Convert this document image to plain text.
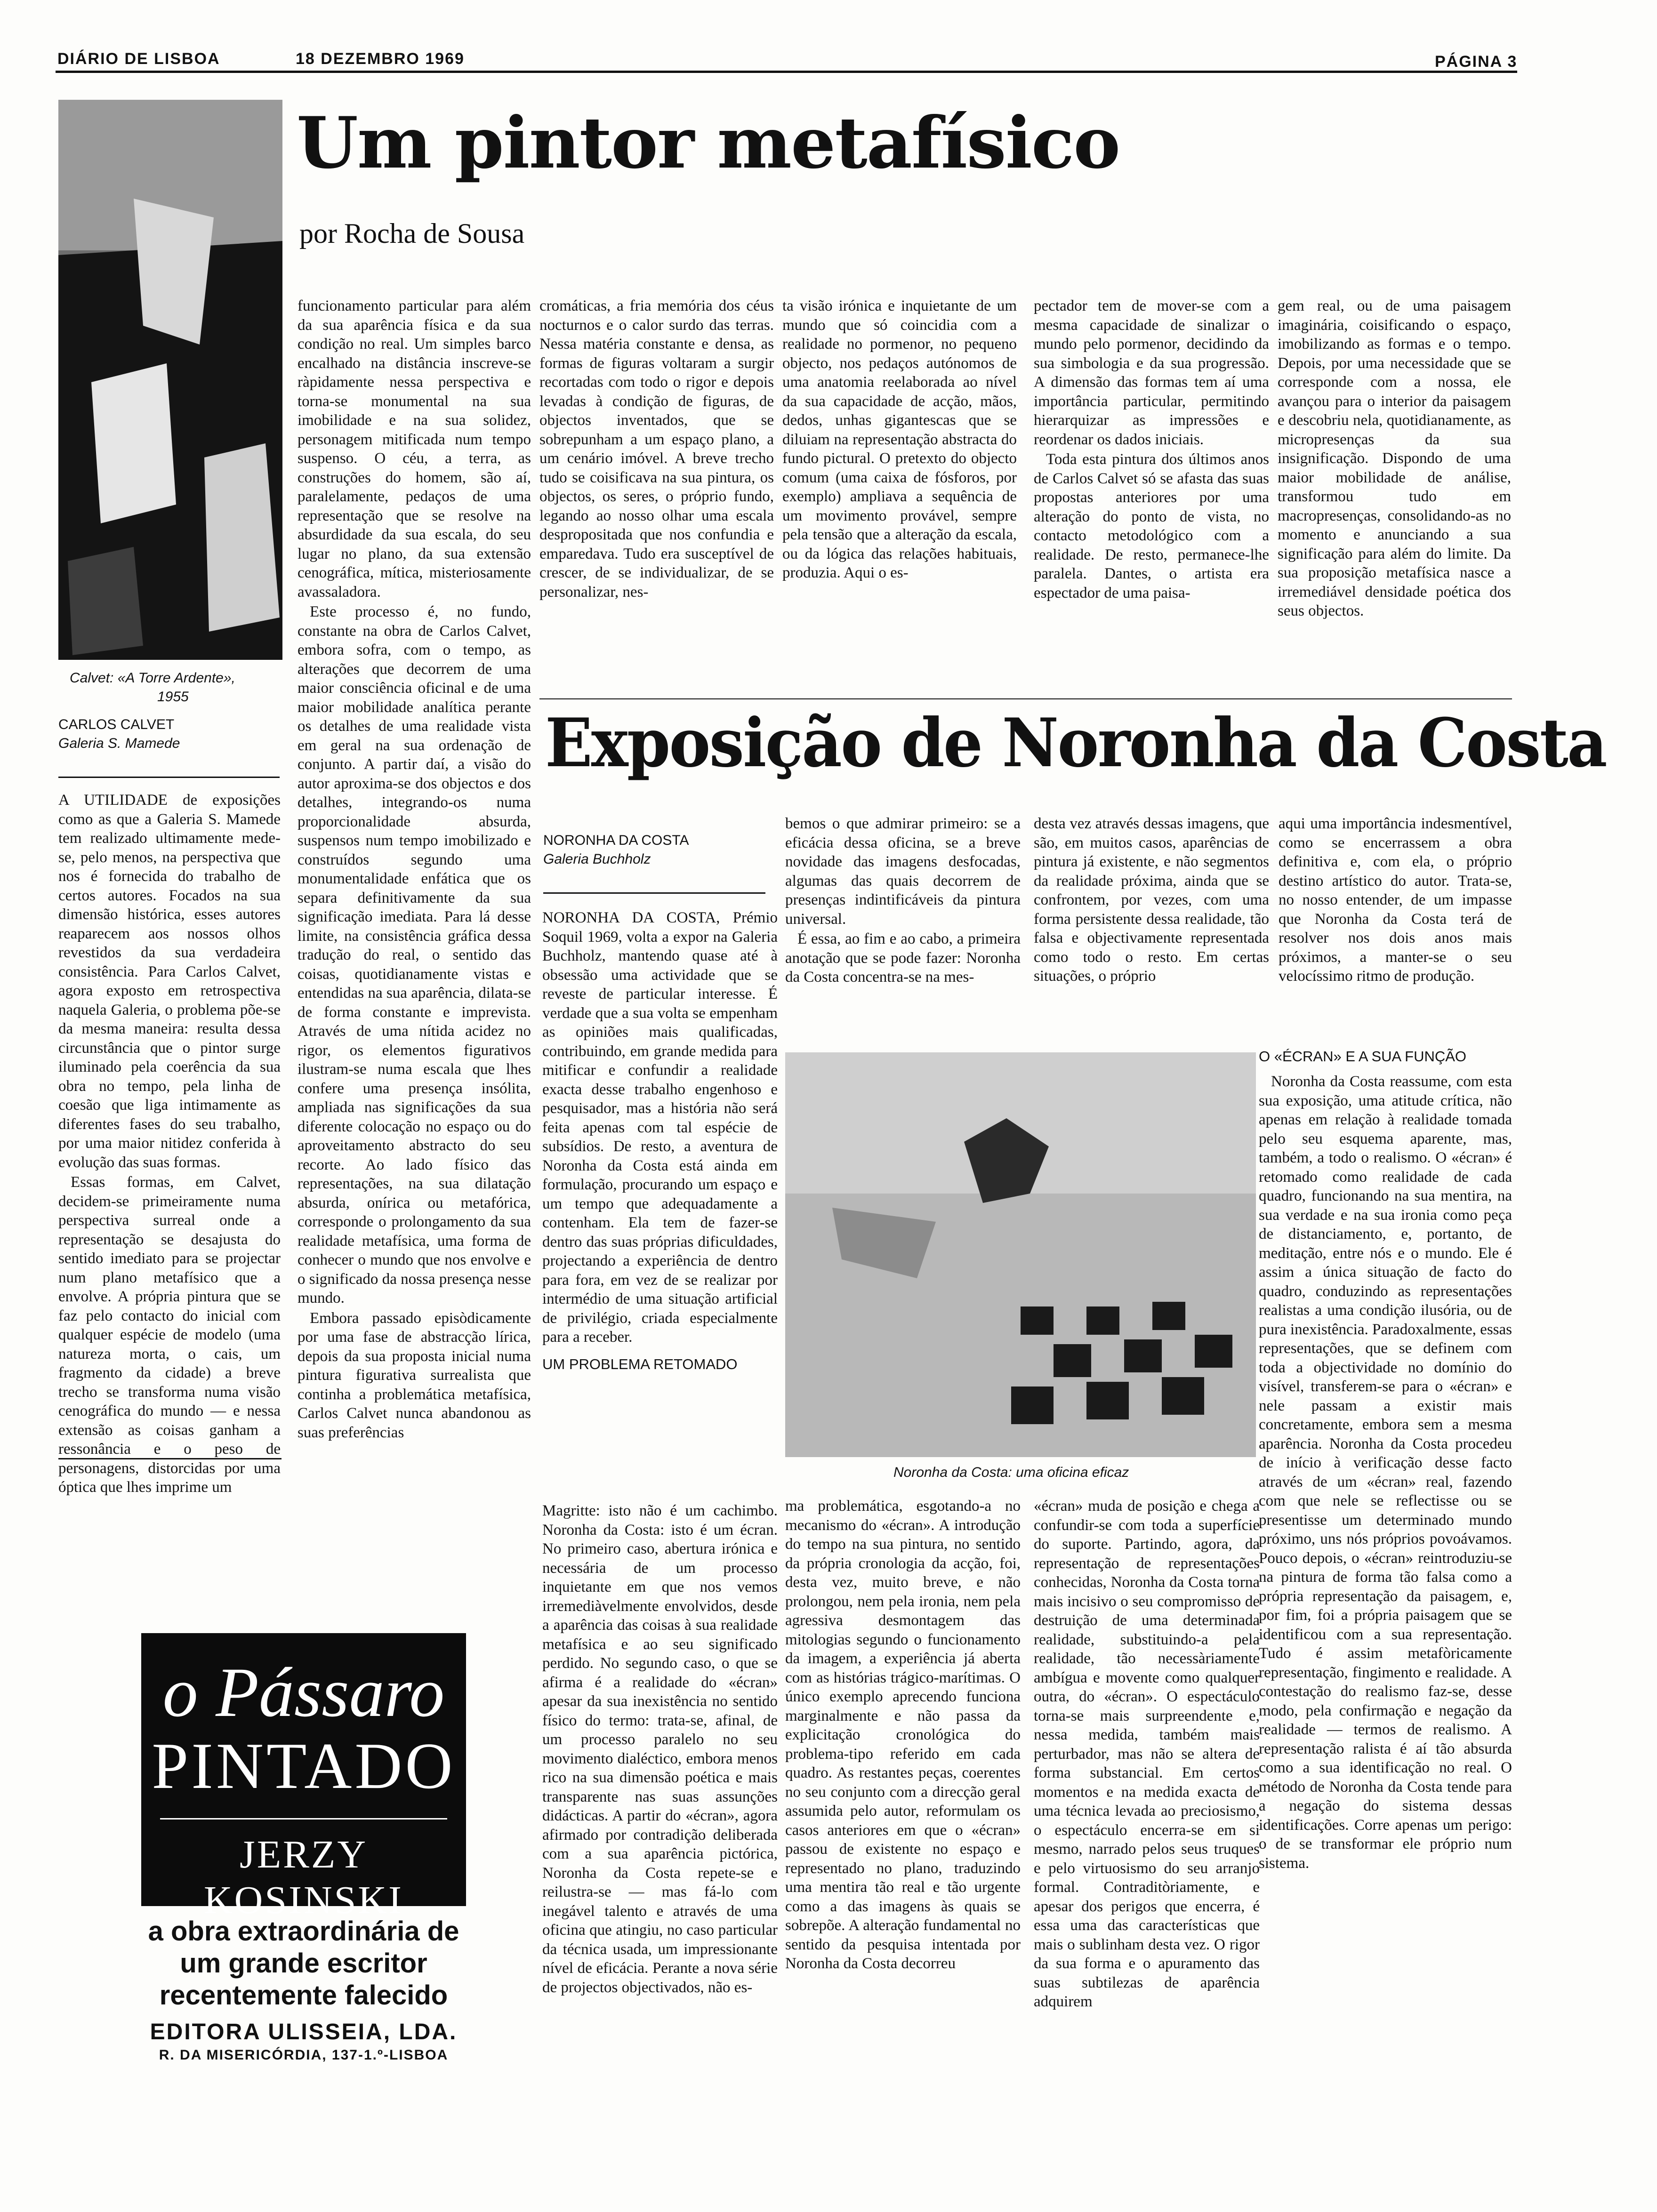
DIÁRIO DE LISBOA	18 DEZEMBRO 1969	PÁGINA 3
Calvet: «A Torre Ardente»,
1955
Um pintor metafísico
por Rocha de Sousa
CARLOS CALVET
Galeria S. Mamede

A UTILIDADE de exposições como as que a Galeria S. Mamede tem realizado ultimamente mede-se, pelo menos, na perspectiva que nos é fornecida do trabalho de certos autores. Focados na sua dimensão histórica, esses autores reaparecem aos nossos olhos revestidos da sua verdadeira consistência. Para Carlos Calvet, agora exposto em retrospectiva naquela Galeria, o problema põe-se da mesma maneira: resulta dessa circunstância que o pintor surge iluminado pela coerência da sua obra no tempo, pela linha de coesão que liga intimamente as diferentes fases do seu trabalho, por uma maior nitidez conferida à evolução das suas formas.

Essas formas, em Calvet, decidem-se primeiramente numa perspectiva surreal onde a representação se desajusta do sentido imediato para se projectar num plano metafísico que a envolve. A própria pintura que se faz pelo contacto do inicial com qualquer espécie de modelo (uma natureza morta, o cais, um fragmento da cidade) a breve trecho se transforma numa visão cenográfica do mundo — e nessa extensão as coisas ganham a ressonância e o peso de personagens, distorcidas por uma óptica que lhes imprime um

funcionamento particular para além da sua aparência física e da sua condição no real. Um simples barco encalhado na distância inscreve-se ràpidamente nessa perspectiva e torna-se monumental na sua imobilidade e na sua solidez, personagem mitificada num tempo suspenso. O céu, a terra, as construções do homem, são aí, paralelamente, pedaços de uma representação que se resolve na absurdidade da sua escala, do seu lugar no plano, da sua extensão cenográfica, mítica, misteriosamente avassaladora.

Este processo é, no fundo, constante na obra de Carlos Calvet, embora sofra, com o tempo, as alterações que decorrem de uma maior consciência oficinal e de uma maior mobilidade analítica perante os detalhes de uma realidade vista em geral na sua ordenação de conjunto. A partir daí, a visão do autor aproxima-se dos objectos e dos detalhes, integrando-os numa proporcionalidade absurda, suspensos num tempo imobilizado e construídos segundo uma monumentalidade enfática que os separa definitivamente da sua significação imediata. Para lá desse limite, na consistência gráfica dessa tradução do real, o sentido das coisas, quotidianamente vistas e entendidas na sua aparência, dilata-se de forma constante e imprevista. Através de uma nítida acidez no rigor, os elementos figurativos ilustram-se numa escala que lhes confere uma presença insólita, ampliada nas significações da sua diferente colocação no espaço ou do aproveitamento abstracto do seu recorte. Ao lado físico das representações, na sua dilatação absurda, onírica ou metafórica, corresponde o prolongamento da sua realidade metafísica, uma forma de conhecer o mundo que nos envolve e o significado da nossa presença nesse mundo.

Embora passado episòdicamente por uma fase de abstracção lírica, depois da sua proposta inicial numa pintura figurativa surrealista que continha a problemática metafísica, Carlos Calvet nunca abandonou as suas preferências

cromáticas, a fria memória dos céus nocturnos e o calor surdo das terras. Nessa matéria constante e densa, as formas de figuras voltaram a surgir recortadas com todo o rigor e depois levadas à condição de figuras, de objectos inventados, que se sobrepunham a um espaço plano, a um cenário imóvel. A breve trecho tudo se coisificava na sua pintura, os objectos, os seres, o próprio fundo, legando ao nosso olhar uma escala despropositada que nos confundia e emparedava. Tudo era susceptível de crescer, de se individualizar, de se personalizar, nes-

ta visão irónica e inquietante de um mundo que só coincidia com a realidade no pormenor, no pequeno objecto, nos pedaços autónomos de uma anatomia reelaborada ao nível da sua capacidade de acção, mãos, dedos, unhas gigantescas que se diluiam na representação abstracta do fundo pictural. O pretexto do objecto comum (uma caixa de fósforos, por exemplo) ampliava a sequência de um movimento provável, sempre pela tensão que a alteração da escala, ou da lógica das relações habituais, produzia. Aqui o es-

pectador tem de mover-se com a mesma capacidade de sinalizar o mundo pelo pormenor, decidindo da sua simbologia e da sua progressão. A dimensão das formas tem aí uma importância particular, permitindo hierarquizar as impressões e reordenar os dados iniciais.

Toda esta pintura dos últimos anos de Carlos Calvet só se afasta das suas propostas anteriores por uma alteração do ponto de vista, no contacto metodológico com a realidade. De resto, permanece-lhe paralela. Dantes, o artista era espectador de uma paisa-

gem real, ou de uma paisagem imaginária, coisificando o espaço, imobilizando as formas e o tempo. Depois, por uma necessidade que se corresponde com a nossa, ele avançou para o interior da paisagem e descobriu nela, quotidianamente, as micropresenças da sua insignificação. Dispondo de uma maior mobilidade de análise, transformou tudo em macropresenças, consolidando-as no momento e anunciando a sua significação para além do limite. Da sua proposição metafísica nasce a irremediável densidade poética dos seus objectos.

Exposição de Noronha da Costa
NORONHA DA COSTA
Galeria Buchholz

NORONHA DA COSTA, Prémio Soquil 1969, volta a expor na Galeria Buchholz, mantendo quase até à obsessão uma actividade que se reveste de particular interesse. É verdade que a sua volta se empenham as opiniões mais qualificadas, contribuindo, em grande medida para mitificar e confundir a realidade exacta desse trabalho engenhoso e pesquisador, mas a história não será feita apenas com tal espécie de subsídios. De resto, a aventura de Noronha da Costa está ainda em formulação, procurando um espaço e um tempo que adequadamente a contenham. Ela tem de fazer-se dentro das suas próprias dificuldades, projectando a experiência de dentro para fora, em vez de se realizar por intermédio de uma situação artificial de privilégio, criada especialmente para a receber.

UM PROBLEMA RETOMADO

bemos o que admirar primeiro: se a eficácia dessa oficina, se a breve novidade das imagens desfocadas, algumas das quais decorrem de presenças indintificáveis da pintura universal.

É essa, ao fim e ao cabo, a primeira anotação que se pode fazer: Noronha da Costa concentra-se na mes-

desta vez através dessas imagens, que são, em muitos casos, aparências de pintura já existente, e não segmentos da realidade próxima, ainda que se confrontem, por vezes, com uma forma persistente dessa realidade, tão falsa e objectivamente representada como todo o resto. Em certas situações, o próprio

aqui uma importância indesmentível, como se encerrassem a obra definitiva e, com ela, o próprio destino artístico do autor. Trata-se, no nosso entender, de um impasse que Noronha da Costa terá de resolver nos dois anos mais próximos, a manter-se o seu velocíssimo ritmo de produção.

Noronha da Costa: uma oficina eficaz
O «ÉCRAN» E A SUA FUNÇÃO

Noronha da Costa reassume, com esta sua exposição, uma atitude crítica, não apenas em relação à realidade tomada pelo seu esquema aparente, mas, também, a todo o realismo. O «écran» é retomado como realidade de cada quadro, funcionando na sua mentira, na sua verdade e na sua ironia como peça de distanciamento, e, portanto, de meditação, entre nós e o mundo. Ele é assim a única situação de facto do quadro, conduzindo as representações realistas a uma condição ilusória, ou de pura inexistência. Paradoxalmente, essas representações, que se definem com toda a objectividade no domínio do visível, transferem-se para o «écran» e nele passam a existir mais concretamente, embora sem a mesma aparência. Noronha da Costa procedeu de início à verificação desse facto através de um «écran» real, fazendo com que nele se reflectisse ou se presentisse um determinado mundo próximo, uns nós próprios povoávamos. Pouco depois, o «écran» reintroduziu-se na pintura de forma tão falsa como a própria representação da paisagem, e, por fim, foi a própria paisagem que se identificou com a sua representação. Tudo é assim metafòricamente representação, fingimento e realidade. A contestação do realismo faz-se, desse modo, pela confirmação e negação da realidade — termos de realismo. A representação ralista é aí tão absurda como a sua identificação no real. O método de Noronha da Costa tende para a negação do sistema dessas identificações. Corre apenas um perigo: o de se transformar ele próprio num sistema.

Magritte: isto não é um cachimbo. Noronha da Costa: isto é um écran. No primeiro caso, abertura irónica e necessária de um processo inquietante em que nos vemos irremediàvelmente envolvidos, desde a aparência das coisas à sua realidade metafísica e ao seu significado perdido. No segundo caso, o que se afirma é a realidade do «écran» apesar da sua inexistência no sentido físico do termo: trata-se, afinal, de um processo paralelo no seu movimento dialéctico, embora menos rico na sua dimensão poética e mais transparente nas suas assunções didácticas. A partir do «écran», agora afirmado por contradição deliberada com a sua aparência pictórica, Noronha da Costa repete-se e reilustra-se — mas fá-lo com inegável talento e através de uma oficina que atingiu, no caso particular da técnica usada, um impressionante nível de eficácia. Perante a nova série de projectos objectivados, não es-

ma problemática, esgotando-a no mecanismo do «écran». A introdução do tempo na sua pintura, no sentido da própria cronologia da acção, foi, desta vez, muito breve, e não prolongou, nem pela ironia, nem pela agressiva desmontagem das mitologias segundo o funcionamento da imagem, a experiência já aberta com as histórias trágico-marítimas. O único exemplo aprecendo funciona marginalmente e não passa da explicitação cronológica do problema-tipo referido em cada quadro. As restantes peças, coerentes no seu conjunto com a direcção geral assumida pelo autor, reformulam os casos anteriores em que o «écran» passou de existente no espaço e representado no plano, traduzindo uma mentira tão real e tão urgente como a das imagens às quais se sobrepõe. A alteração fundamental no sentido da pesquisa intentada por Noronha da Costa decorreu

«écran» muda de posição e chega a confundir-se com toda a superfície do suporte. Partindo, agora, da representação de representações conhecidas, Noronha da Costa torna mais incisivo o seu compromisso de destruição de uma determinada realidade, substituindo-a pela realidade, tão necessàriamente ambígua e movente como qualquer outra, do «écran». O espectáculo torna-se mais surpreendente e, nessa medida, também mais perturbador, mas não se altera de forma substancial. Em certos momentos e na medida exacta de uma técnica levada ao preciosismo, o espectáculo encerra-se em si mesmo, narrado pelos seus truques e pelo virtuosismo do seu arranjo formal. Contraditòriamente, e apesar dos perigos que encerra, é essa uma das características que mais o sublinham desta vez. O rigor da sua forma e o apuramento das suas subtilezas de aparência adquirem

o Pássaro
PINTADO
JERZY KOSINSKI
a obra extraordinária de um grande escritor recentemente falecido
EDITORA ULISSEIA, LDA.
R. DA MISERICÓRDIA, 137-1.º-LISBOA
